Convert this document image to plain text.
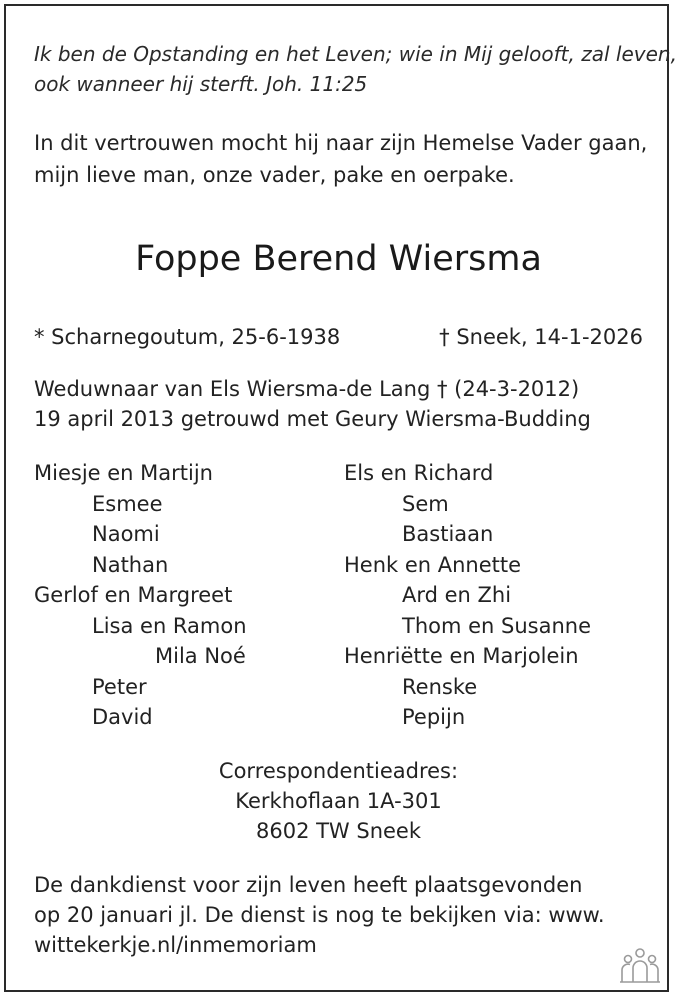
Ik ben de Opstanding en het Leven; wie in Mij gelooft, zal leven,
ook wanneer hij sterft. Joh. 11:25
In dit vertrouwen mocht hij naar zijn Hemelse Vader gaan,
mijn lieve man, onze vader, pake en oerpake.
Foppe Berend Wiersma
* Scharnegoutum, 25-6-1938	† Sneek, 14-1-2026
Weduwnaar van Els Wiersma-de Lang † (24-3-2012)
19 april 2013 getrouwd met Geury Wiersma-Budding
Miesje en Martijn
Esmee
Naomi
Nathan
Gerlof en Margreet
Lisa en Ramon
Mila Noé
Peter
David
Els en Richard
Sem
Bastiaan
Henk en Annette
Ard en Zhi
Thom en Susanne
Henriëtte en Marjolein
Renske
Pepijn
Correspondentieadres:
Kerkhoflaan 1A-301
8602 TW Sneek
De dankdienst voor zijn leven heeft plaatsgevonden
op 20 januari jl. De dienst is nog te bekijken via: www.
wittekerkje.nl/inmemoriam
